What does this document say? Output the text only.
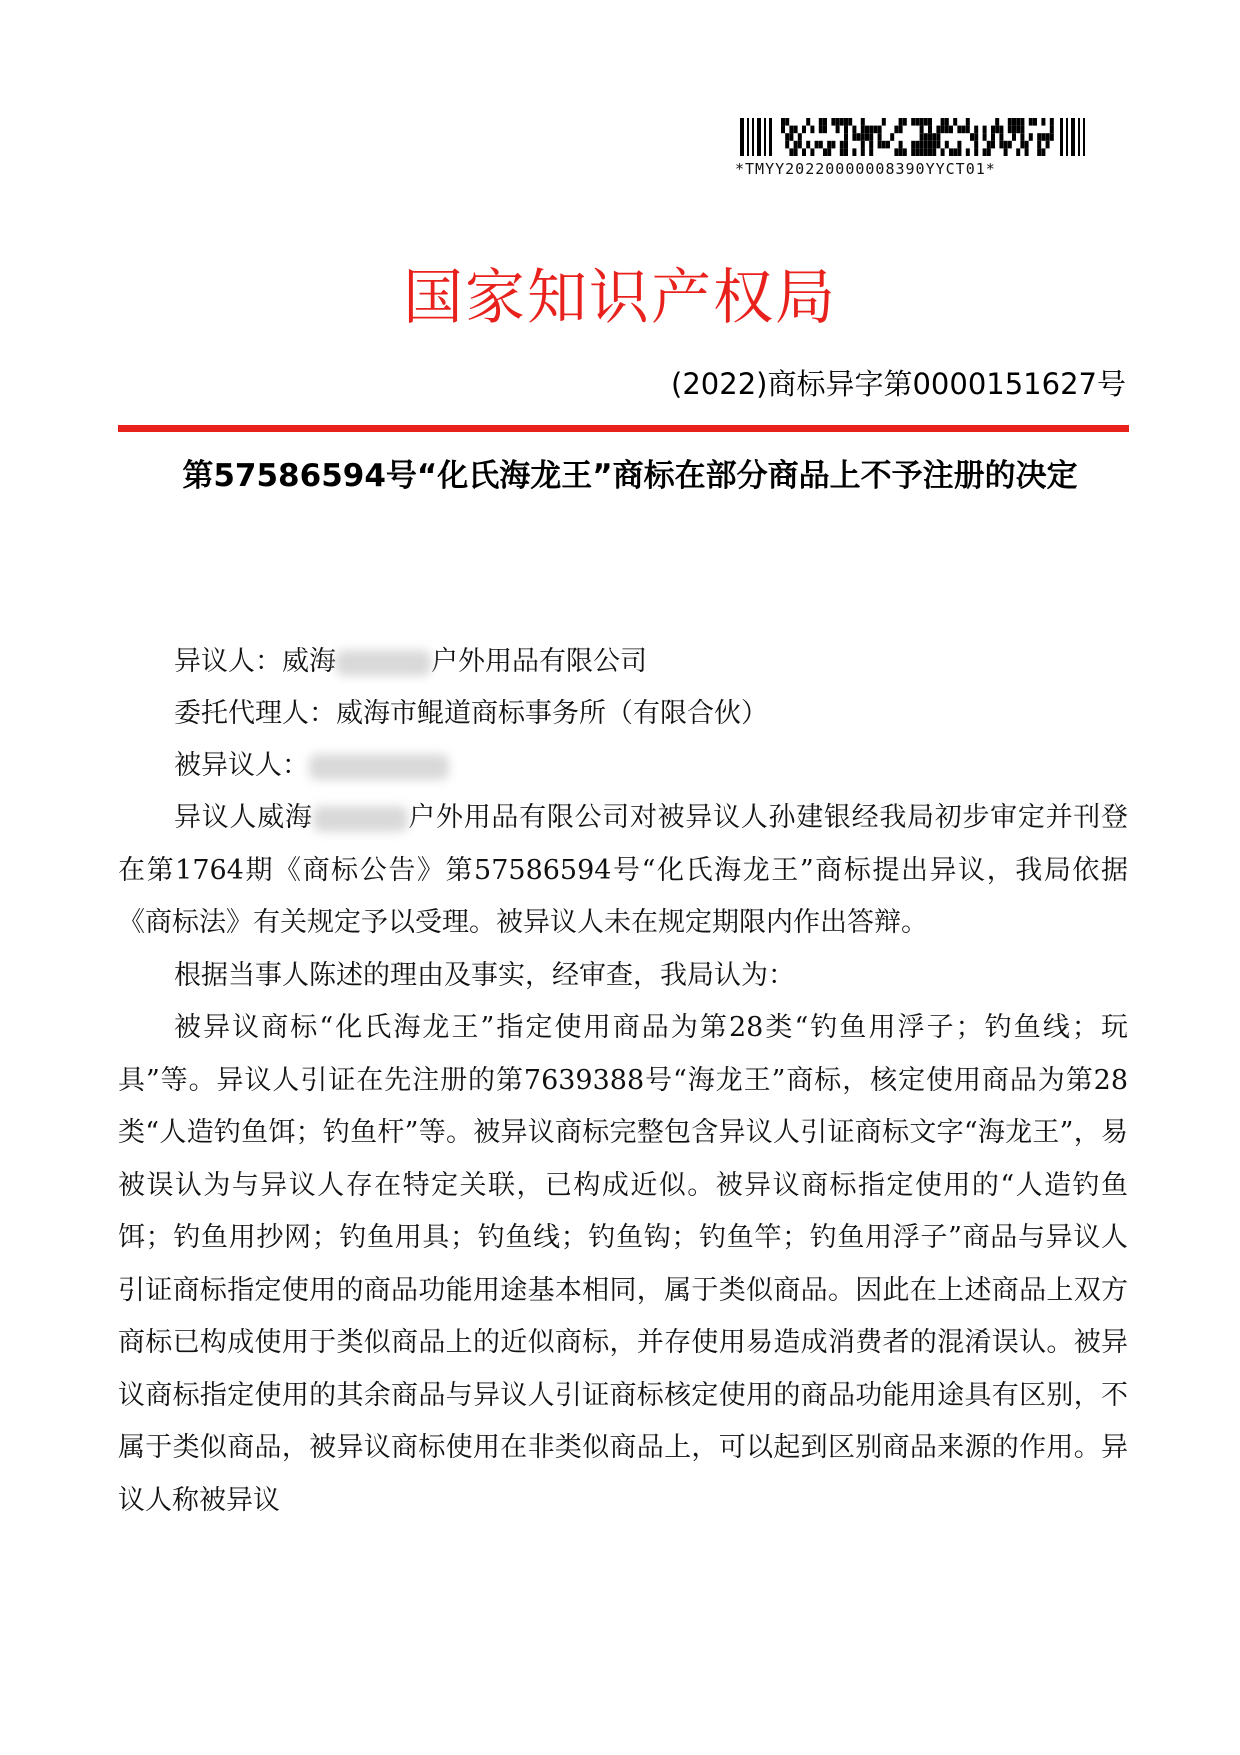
*TMYY20220000008390YYCT01*
国家知识产权局
(2022)商标异字第0000151627号
第57586594号“化氏海龙王”商标在部分商品上不予注册的决定

异议人：威海	户外用品有限公司

委托代理人：威海市鲲道商标事务所（有限合伙）

被异议人：

异议人威海	户外用品有限公司对被异议人孙建银经我局初步审定并刊登在第1764期《商标公告》第57586594号“化氏海龙王”商标提出异议，我局依据《商标法》有关规定予以受理。被异议人未在规定期限内作出答辩。

根据当事人陈述的理由及事实，经审查，我局认为：

被异议商标“化氏海龙王”指定使用商品为第28类“钓鱼用浮子；钓鱼线；玩具”等。异议人引证在先注册的第7639388号“海龙王”商标，核定使用商品为第28类“人造钓鱼饵；钓鱼杆”等。被异议商标完整包含异议人引证商标文字“海龙王”，易被误认为与异议人存在特定关联，已构成近似。被异议商标指定使用的“人造钓鱼饵；钓鱼用抄网；钓鱼用具；钓鱼线；钓鱼钩；钓鱼竿；钓鱼用浮子”商品与异议人引证商标指定使用的商品功能用途基本相同，属于类似商品。因此在上述商品上双方商标已构成使用于类似商品上的近似商标，并存使用易造成消费者的混淆误认。被异议商标指定使用的其余商品与异议人引证商标核定使用的商品功能用途具有区别，不属于类似商品，被异议商标使用在非类似商品上，可以起到区别商品来源的作用。异议人称被异议
